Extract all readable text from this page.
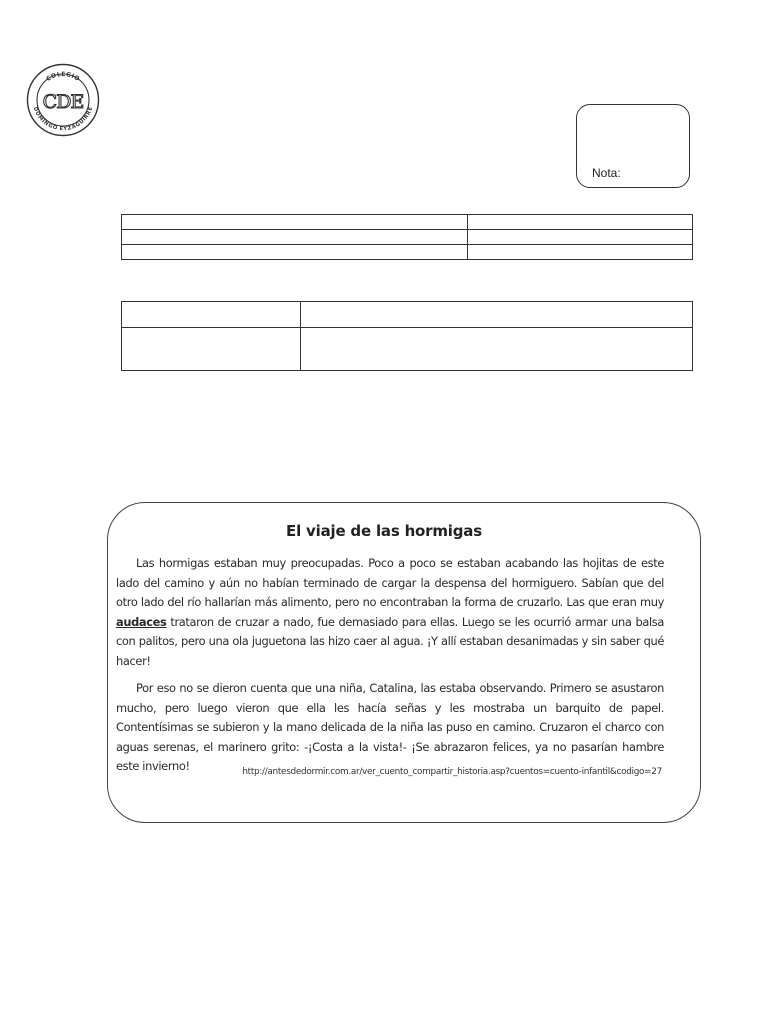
COLEGIO
DOMINGO EYZAGUIRRE
CDE
Nota:

El viaje de las hormigas

Las hormigas estaban muy preocupadas. Poco a poco se estaban acabando las hojitas de este lado del camino y aún no habían terminado de cargar la despensa del hormiguero. Sabían que del otro lado del río hallarían más alimento, pero no encontraban la forma de cruzarlo. Las que eran muy audaces trataron de cruzar a nado, fue demasiado para ellas. Luego se les ocurrió armar una balsa con palitos, pero una ola juguetona las hizo caer al agua. ¡Y allí estaban desanimadas y sin saber qué hacer!

Por eso no se dieron cuenta que una niña, Catalina, las estaba observando. Primero se asustaron mucho, pero luego vieron que ella les hacía señas y les mostraba un barquito de papel. Contentísimas se subieron y la mano delicada de la niña las puso en camino. Cruzaron el charco con aguas serenas, el marinero grito: -¡Costa a la vista!- ¡Se abrazaron felices, ya no pasarían hambre este invierno!	http://antesdedormir.com.ar/ver_cuento_compartir_historia.asp?cuentos=cuento-infantil&codigo=27
